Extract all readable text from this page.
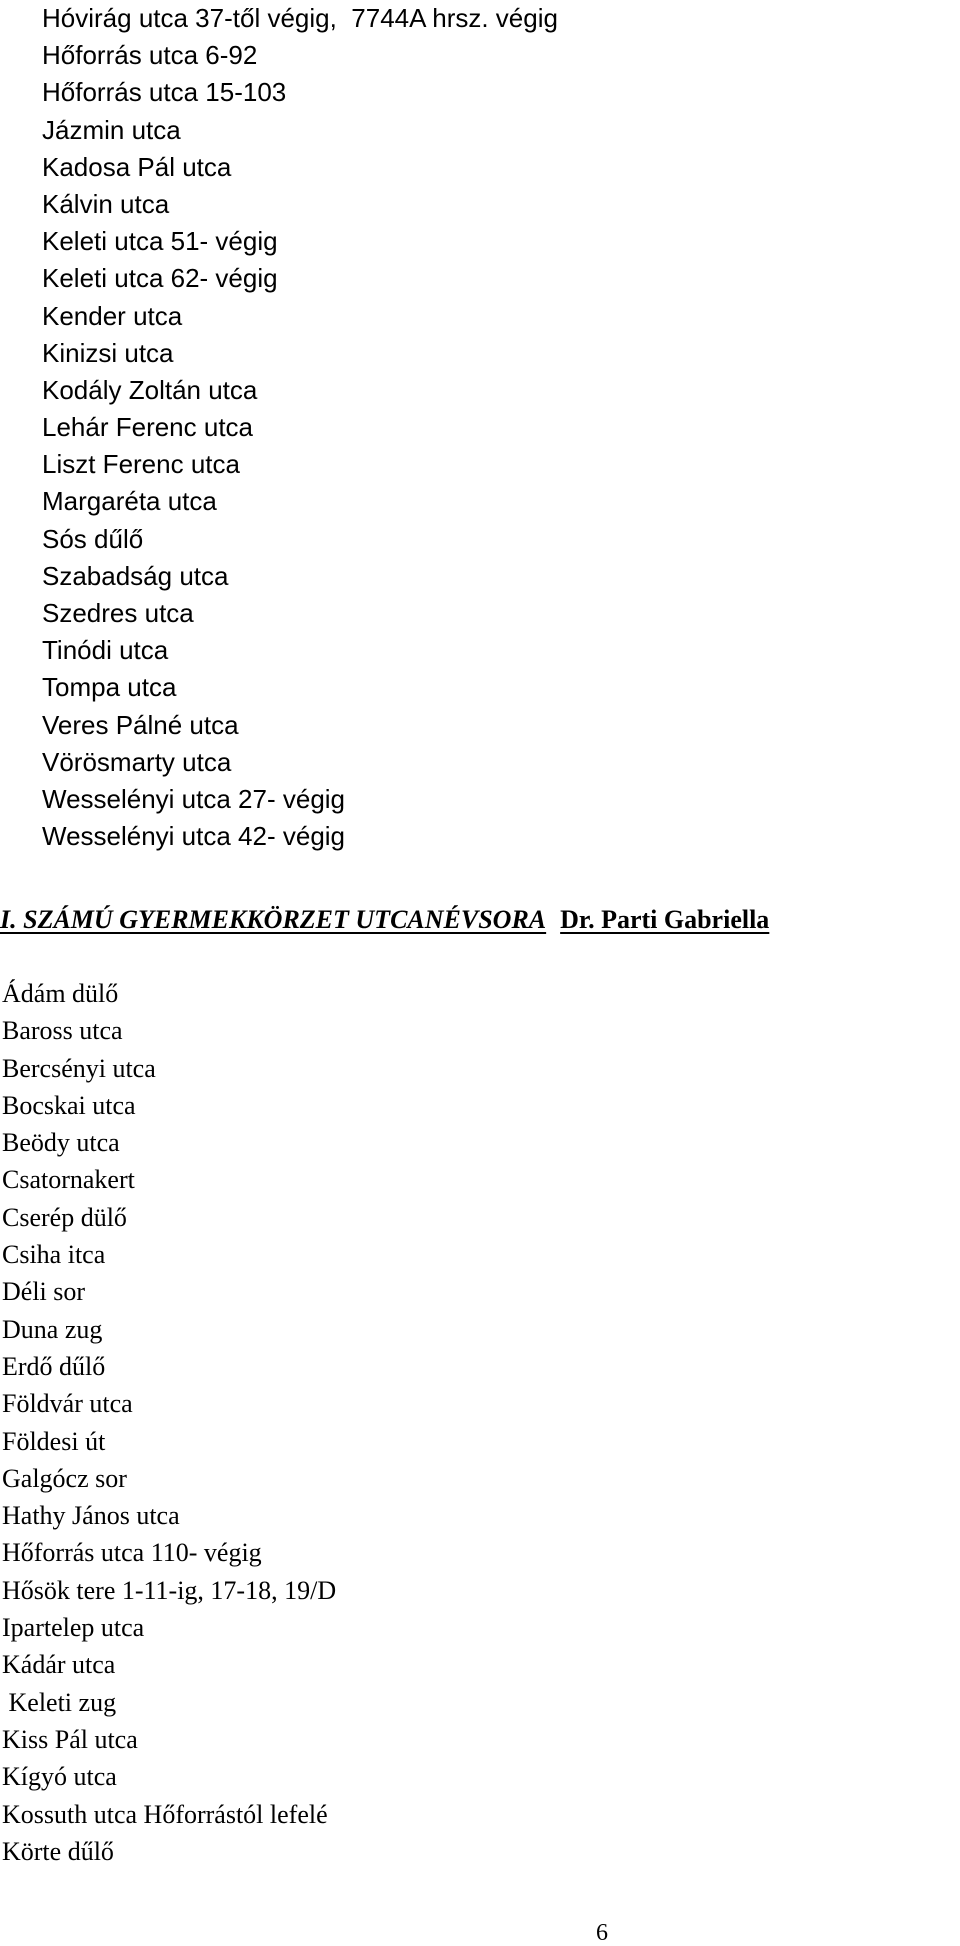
Hóvirág utca 37-től végig,  7744A hrsz. végig
Hőforrás utca 6-92
Hőforrás utca 15-103
Jázmin utca
Kadosa Pál utca
Kálvin utca
Keleti utca 51- végig
Keleti utca 62- végig
Kender utca
Kinizsi utca
Kodály Zoltán utca
Lehár Ferenc utca
Liszt Ferenc utca
Margaréta utca
Sós dűlő
Szabadság utca
Szedres utca
Tinódi utca
Tompa utca
Veres Pálné utca
Vörösmarty utca
Wesselényi utca 27- végig
Wesselényi utca 42- végig
I. SZÁMÚ GYERMEKKÖRZET UTCANÉVSORA Dr. Parti Gabriella
Ádám dülő
Baross utca
Bercsényi utca
Bocskai utca
Beödy utca
Csatornakert
Cserép dülő
Csiha itca
Déli sor
Duna zug
Erdő dűlő
Földvár utca
Földesi út
Galgócz sor
Hathy János utca
Hőforrás utca 110- végig
Hősök tere 1-11-ig, 17-18, 19/D
Ipartelep utca
Kádár utca
Keleti zug
Kiss Pál utca
Kígyó utca
Kossuth utca Hőforrástól lefelé
Körte dűlő
6
